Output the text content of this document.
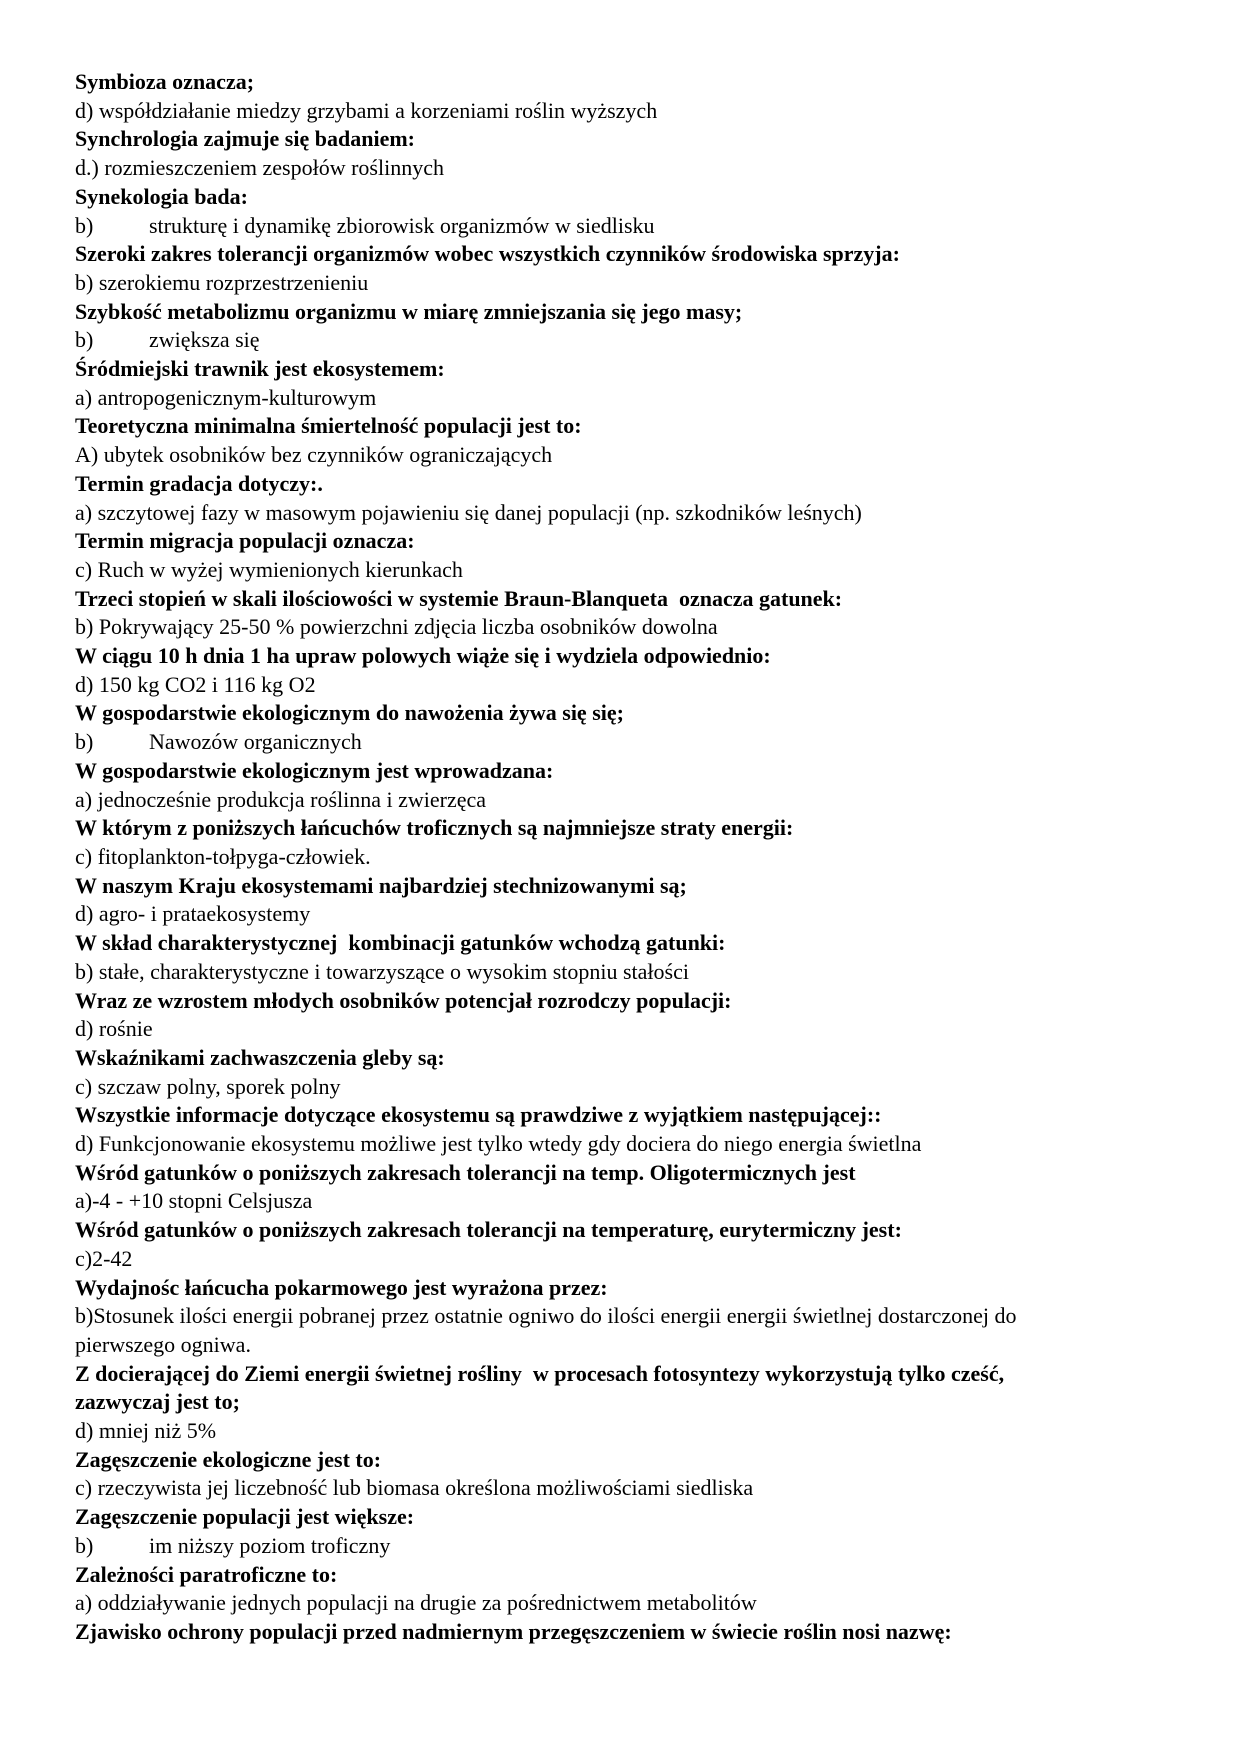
Symbioza oznacza;
d) współdziałanie miedzy grzybami a korzeniami roślin wyższych
Synchrologia zajmuje się badaniem:
d.) rozmieszczeniem zespołów roślinnych
Synekologia bada:
b)	strukturę i dynamikę zbiorowisk organizmów w siedlisku
Szeroki zakres tolerancji organizmów wobec wszystkich czynników środowiska sprzyja:
b) szerokiemu rozprzestrzenieniu
Szybkość metabolizmu organizmu w miarę zmniejszania się jego masy;
b)	zwiększa się
Śródmiejski trawnik jest ekosystemem:
a) antropogenicznym-kulturowym
Teoretyczna minimalna śmiertelność populacji jest to:
A) ubytek osobników bez czynników ograniczających
Termin gradacja dotyczy:.
a) szczytowej fazy w masowym pojawieniu się danej populacji (np. szkodników leśnych)
Termin migracja populacji oznacza:
c) Ruch w wyżej wymienionych kierunkach
Trzeci stopień w skali ilościowości w systemie Braun-Blanqueta  oznacza gatunek:
b) Pokrywający 25-50 % powierzchni zdjęcia liczba osobników dowolna
W ciągu 10 h dnia 1 ha upraw polowych wiąże się i wydziela odpowiednio:
d) 150 kg CO2 i 116 kg O2
W gospodarstwie ekologicznym do nawożenia żywa się się;
b)	Nawozów organicznych
W gospodarstwie ekologicznym jest wprowadzana:
a) jednocześnie produkcja roślinna i zwierzęca
W którym z poniższych łańcuchów troficznych są najmniejsze straty energii:
c) fitoplankton-tołpyga-człowiek.
W naszym Kraju ekosystemami najbardziej stechnizowanymi są;
d) agro- i prataekosystemy
W skład charakterystycznej  kombinacji gatunków wchodzą gatunki:
b) stałe, charakterystyczne i towarzyszące o wysokim stopniu stałości
Wraz ze wzrostem młodych osobników potencjał rozrodczy populacji:
d) rośnie
Wskaźnikami zachwaszczenia gleby są:
c) szczaw polny, sporek polny
Wszystkie informacje dotyczące ekosystemu są prawdziwe z wyjątkiem następującej::
d) Funkcjonowanie ekosystemu możliwe jest tylko wtedy gdy dociera do niego energia świetlna
Wśród gatunków o poniższych zakresach tolerancji na temp. Oligotermicznych jest
a)-4 - +10 stopni Celsjusza
Wśród gatunków o poniższych zakresach tolerancji na temperaturę, eurytermiczny jest:
c)2-42
Wydajnośc łańcucha pokarmowego jest wyrażona przez:
b)Stosunek ilości energii pobranej przez ostatnie ogniwo do ilości energii energii świetlnej dostarczonej do
pierwszego ogniwa.
Z docierającej do Ziemi energii świetnej rośliny  w procesach fotosyntezy wykorzystują tylko cześć,
zazwyczaj jest to;
d) mniej niż 5%
Zagęszczenie ekologiczne jest to:
c) rzeczywista jej liczebność lub biomasa określona możliwościami siedliska
Zagęszczenie populacji jest większe:
b)	im niższy poziom troficzny
Zależności paratroficzne to:
a) oddziaływanie jednych populacji na drugie za pośrednictwem metabolitów
Zjawisko ochrony populacji przed nadmiernym przegęszczeniem w świecie roślin nosi nazwę:
